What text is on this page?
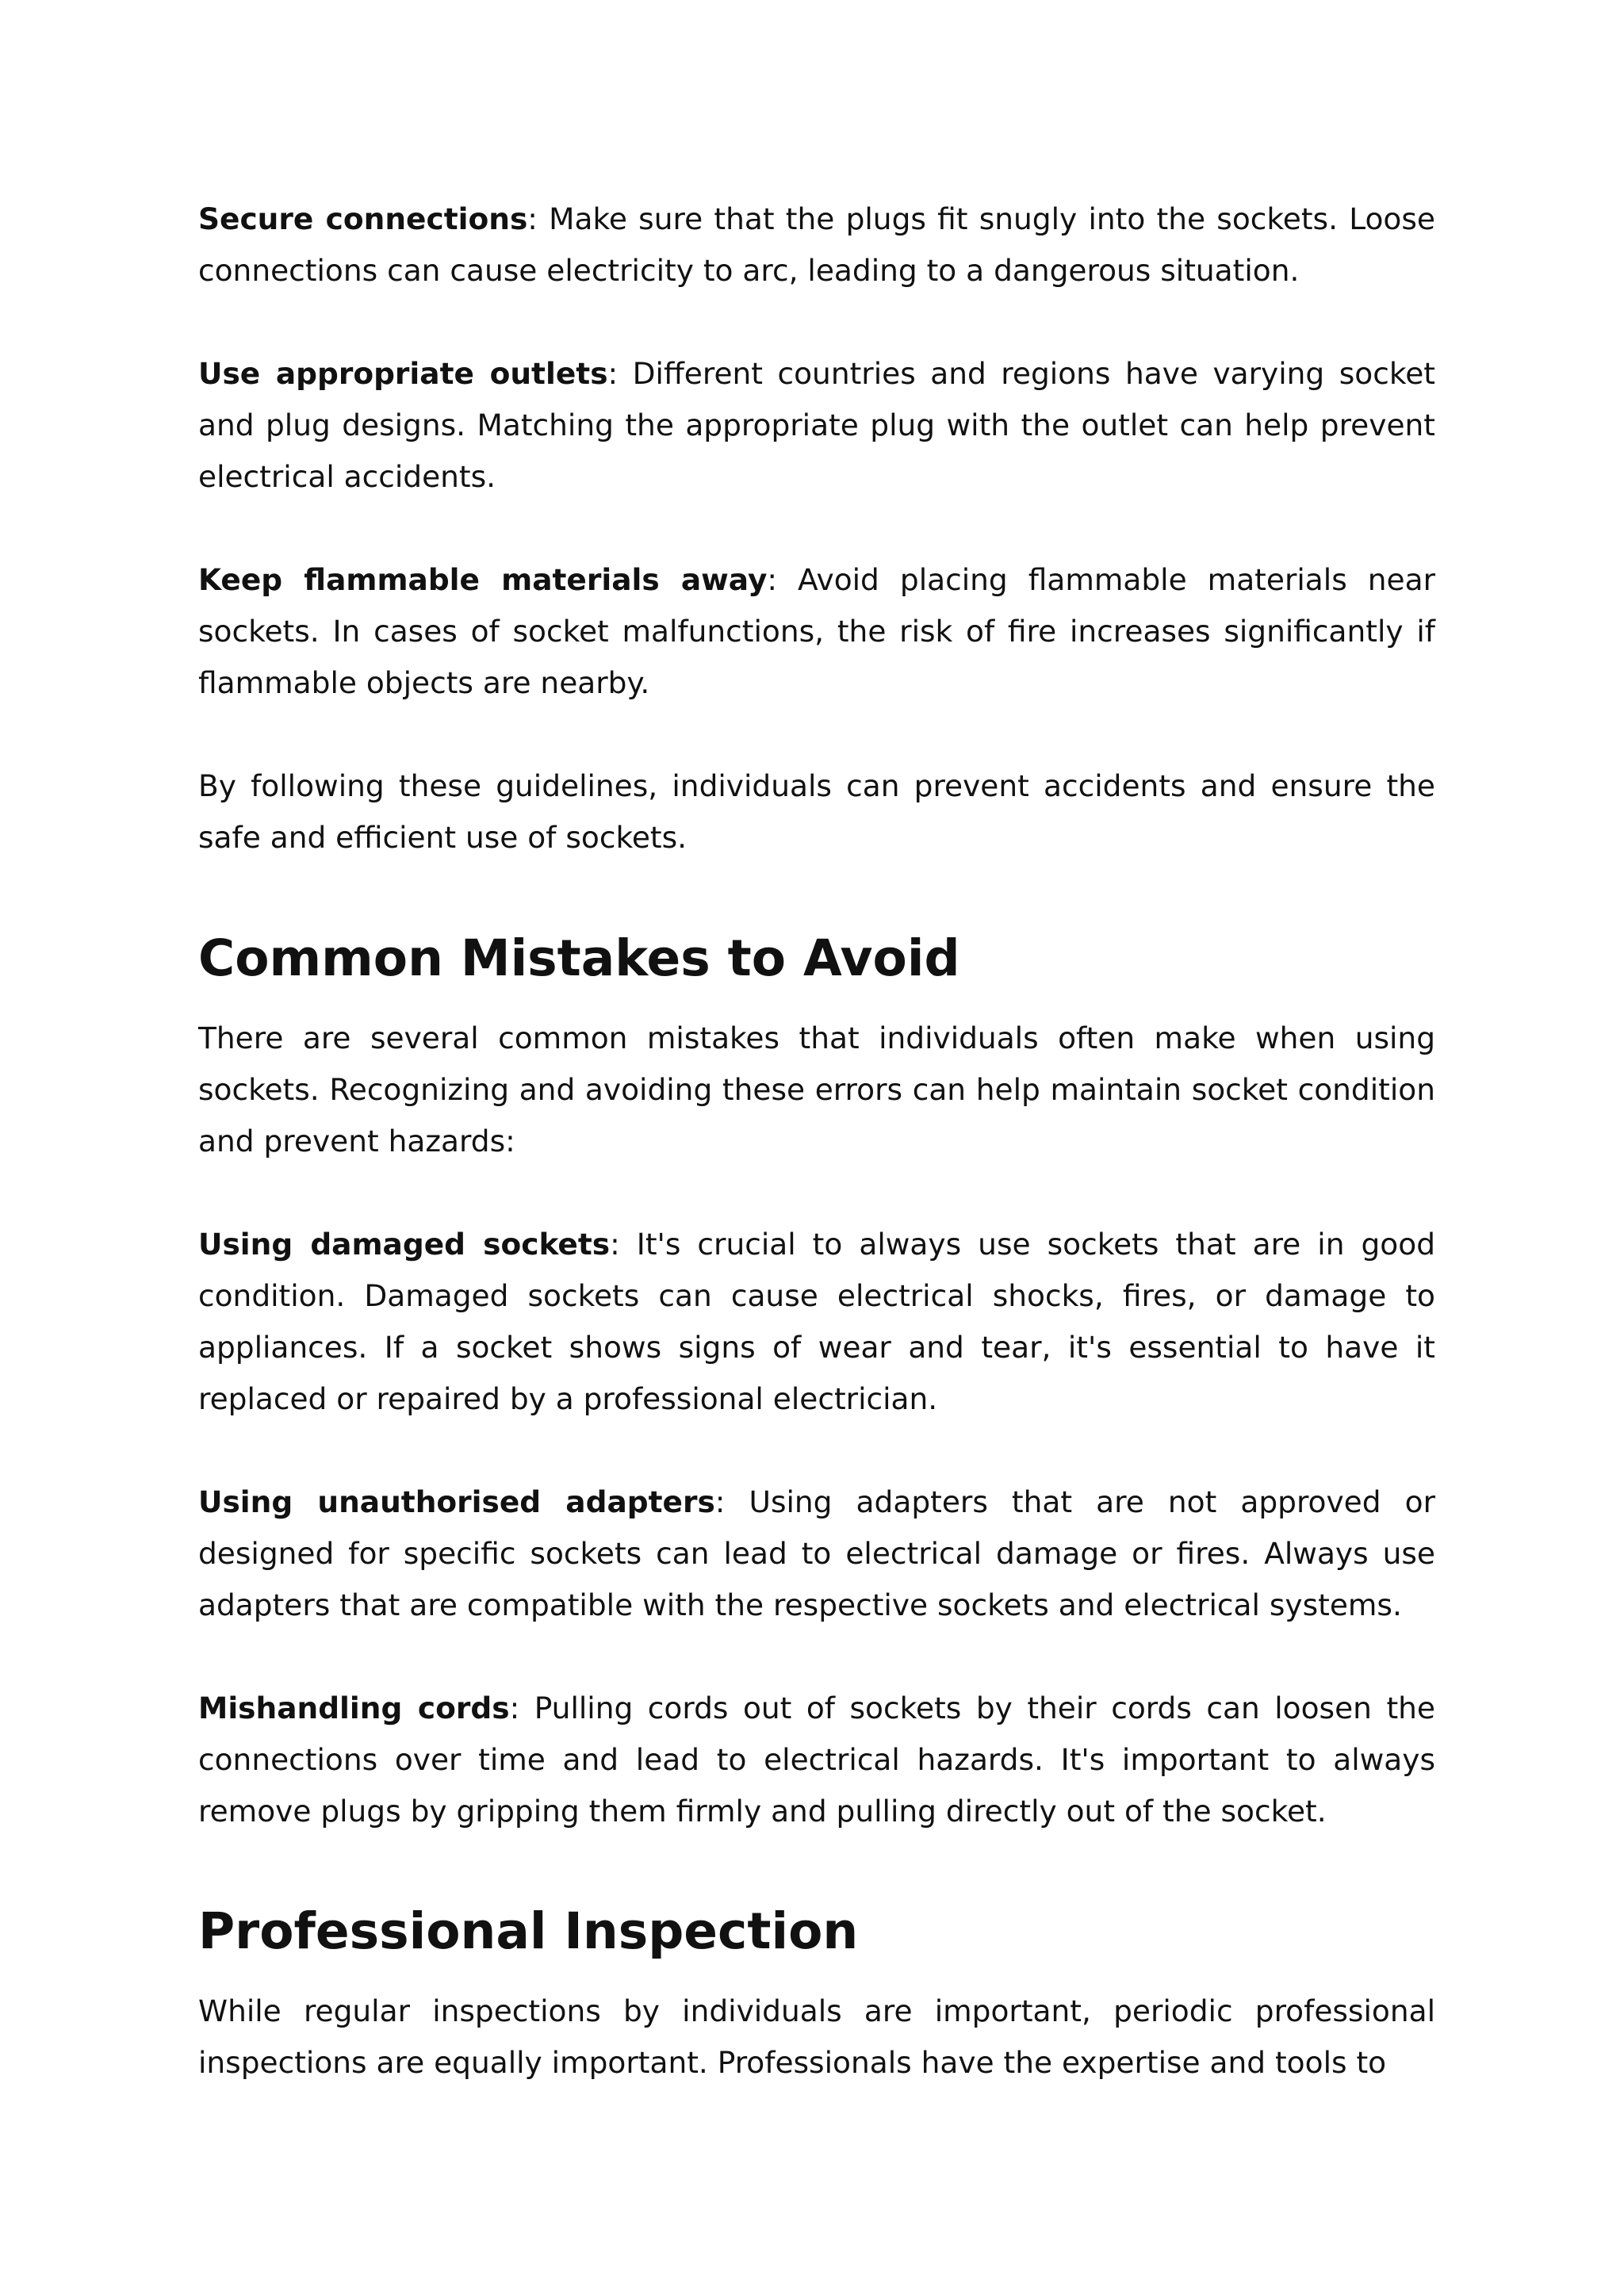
Secure connections: Make sure that the plugs fit snugly into the sockets. Loose connections can cause electricity to arc, leading to a dangerous situation.

Use appropriate outlets: Different countries and regions have varying socket and plug designs. Matching the appropriate plug with the outlet can help prevent electrical accidents.

Keep flammable materials away: Avoid placing flammable materials near sockets. In cases of socket malfunctions, the risk of fire increases significantly if flammable objects are nearby.

By following these guidelines, individuals can prevent accidents and ensure the safe and efficient use of sockets.

Common Mistakes to Avoid

There are several common mistakes that individuals often make when using sockets. Recognizing and avoiding these errors can help maintain socket condition and prevent hazards:

Using damaged sockets: It's crucial to always use sockets that are in good condition. Damaged sockets can cause electrical shocks, fires, or damage to appliances. If a socket shows signs of wear and tear, it's essential to have it replaced or repaired by a professional electrician.

Using unauthorised adapters: Using adapters that are not approved or designed for specific sockets can lead to electrical damage or fires. Always use adapters that are compatible with the respective sockets and electrical systems.

Mishandling cords: Pulling cords out of sockets by their cords can loosen the connections over time and lead to electrical hazards. It's important to always remove plugs by gripping them firmly and pulling directly out of the socket.

Professional Inspection

While regular inspections by individuals are important, periodic professional inspections are equally important. Professionals have the expertise and tools to
